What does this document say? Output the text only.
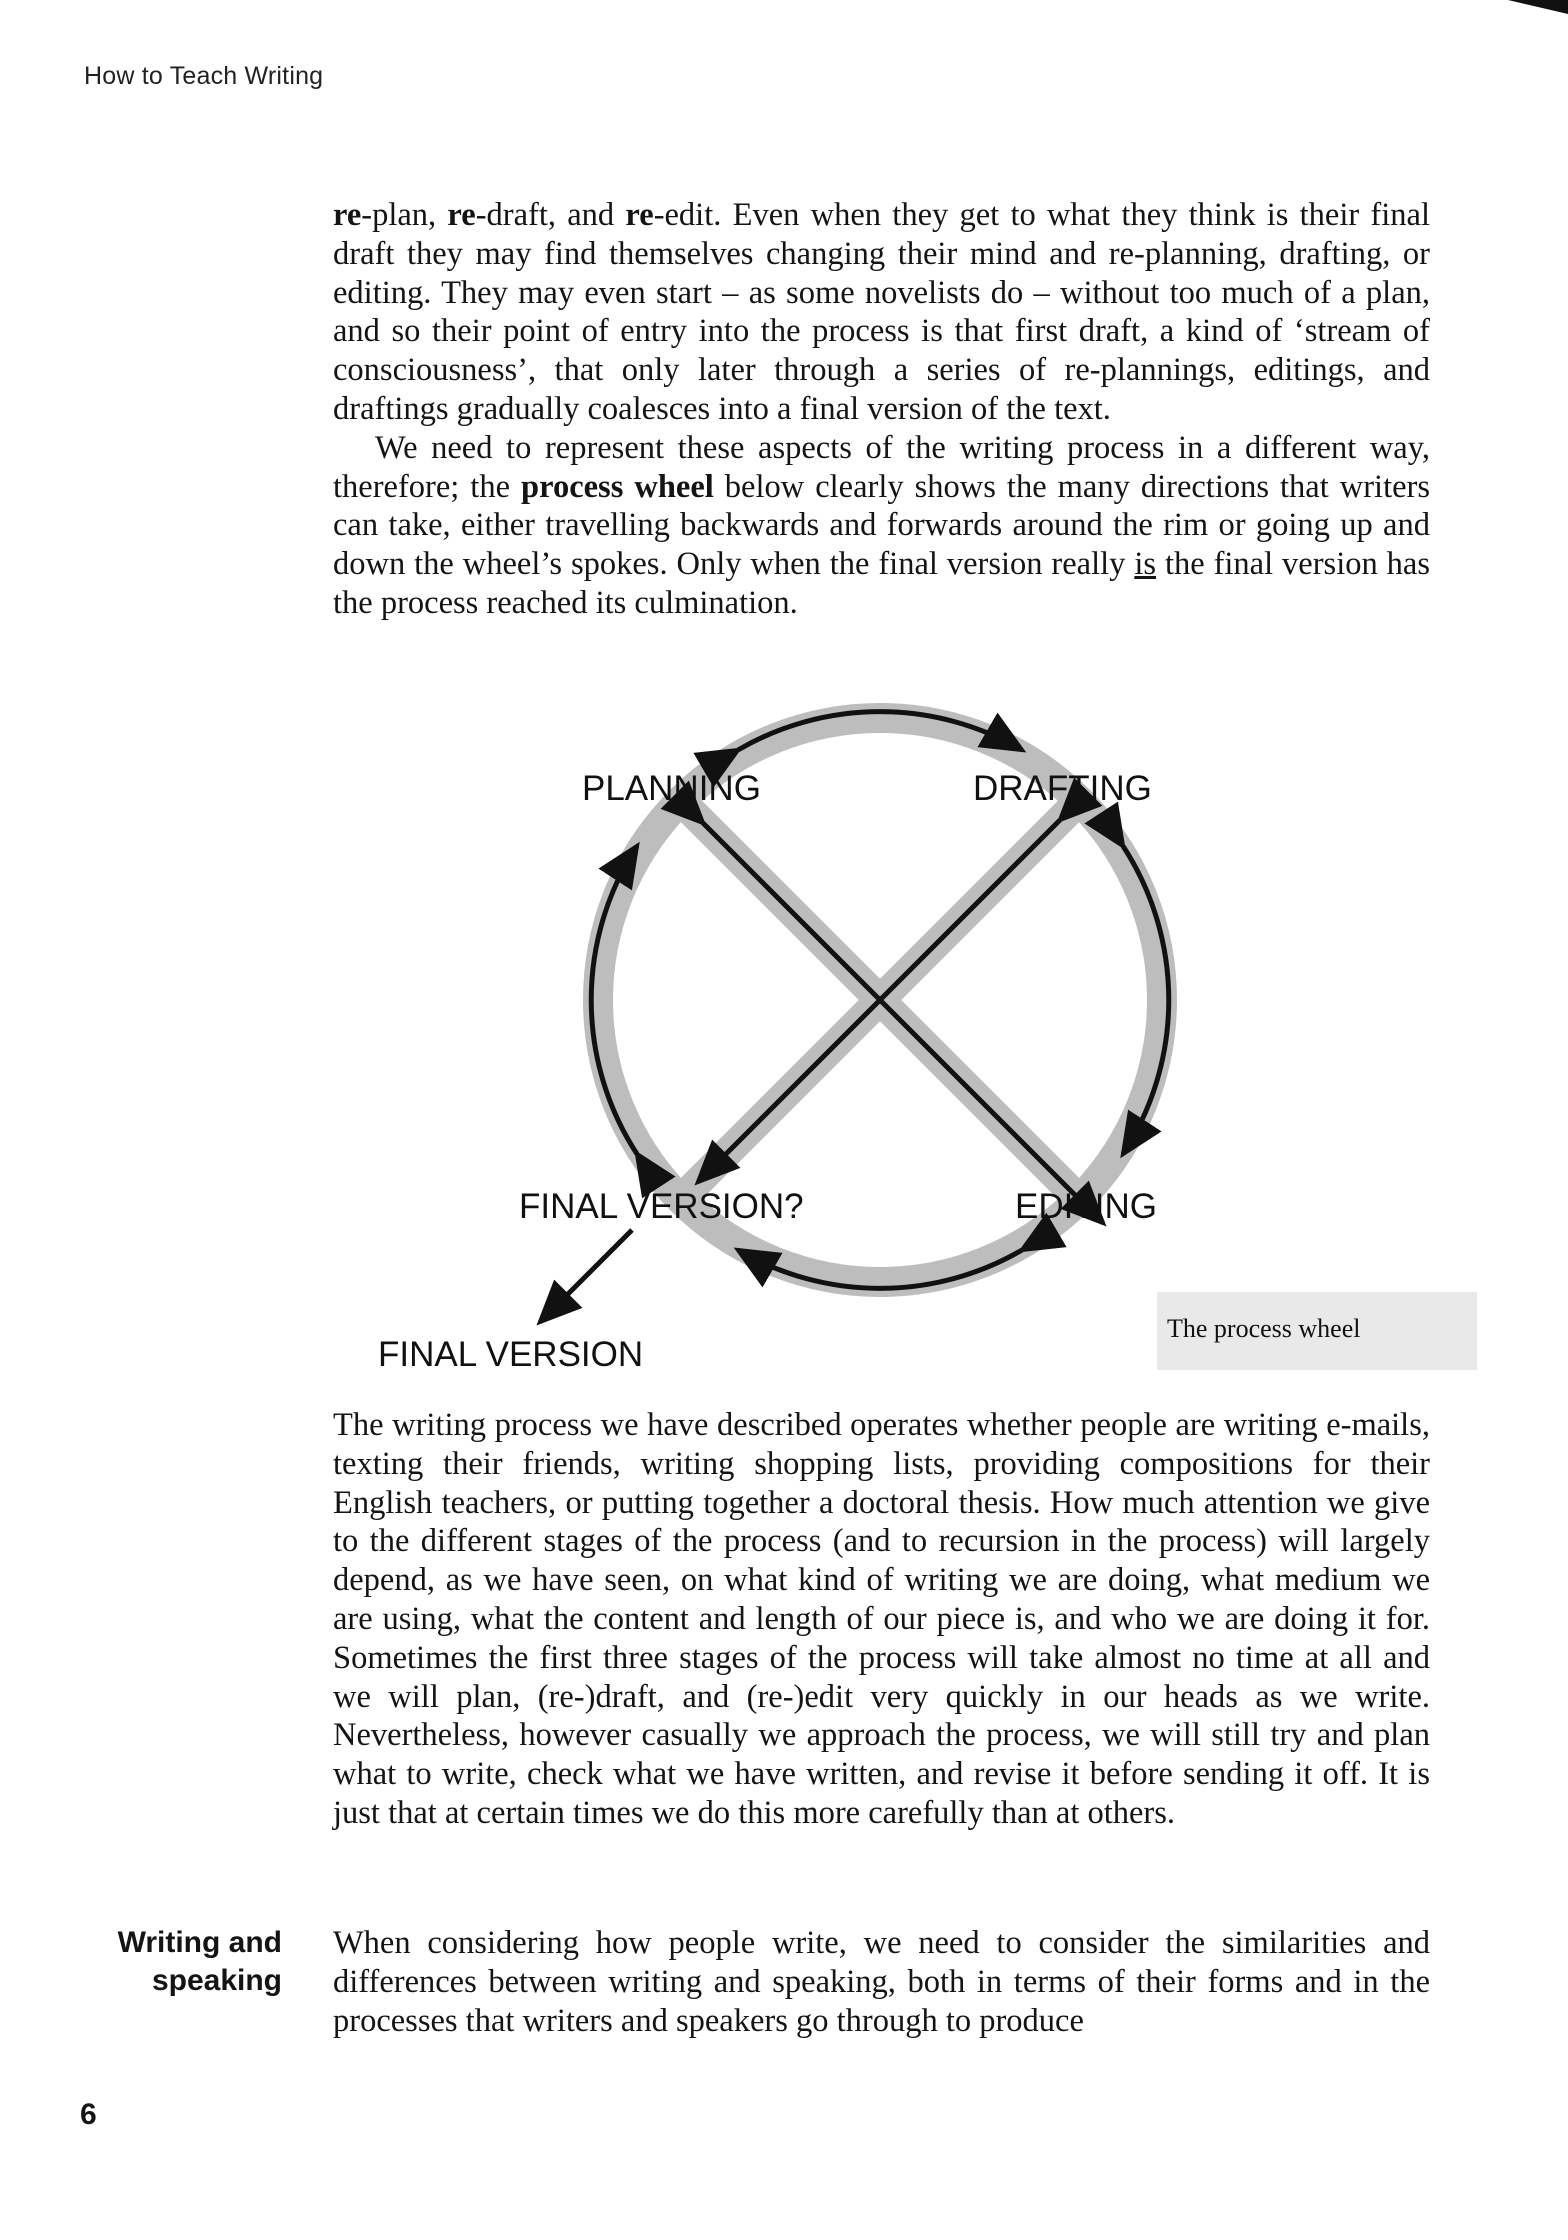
How to Teach Writing

re-plan, re-draft, and re-edit. Even when they get to what they think is their final draft they may find themselves changing their mind and re-planning, drafting, or editing. They may even start – as some novelists do – without too much of a plan, and so their point of entry into the process is that first draft, a kind of ‘stream of consciousness’, that only later through a series of re-plannings, editings, and draftings gradually coalesces into a final version of the text.

We need to represent these aspects of the writing process in a different way, therefore; the process wheel below clearly shows the many directions that writers can take, either travelling backwards and forwards around the rim or going up and down the wheel’s spokes. Only when the final version really is the final version has the process reached its culmination.

PLANNING	DRAFTING
FINAL VERSION?	EDITING
FINAL VERSION
The process wheel

The writing process we have described operates whether people are writing e-mails, texting their friends, writing shopping lists, providing compositions for their English teachers, or putting together a doctoral thesis. How much attention we give to the different stages of the process (and to recursion in the process) will largely depend, as we have seen, on what kind of writing we are doing, what medium we are using, what the content and length of our piece is, and who we are doing it for. Sometimes the first three stages of the process will take almost no time at all and we will plan, (re-)draft, and (re-)edit very quickly in our heads as we write. Nevertheless, however casually we approach the process, we will still try and plan what to write, check what we have written, and revise it before sending it off. It is just that at certain times we do this more carefully than at others.

Writing and
speaking

When considering how people write, we need to consider the similarities and differences between writing and speaking, both in terms of their forms and in the processes that writers and speakers go through to produce

6
